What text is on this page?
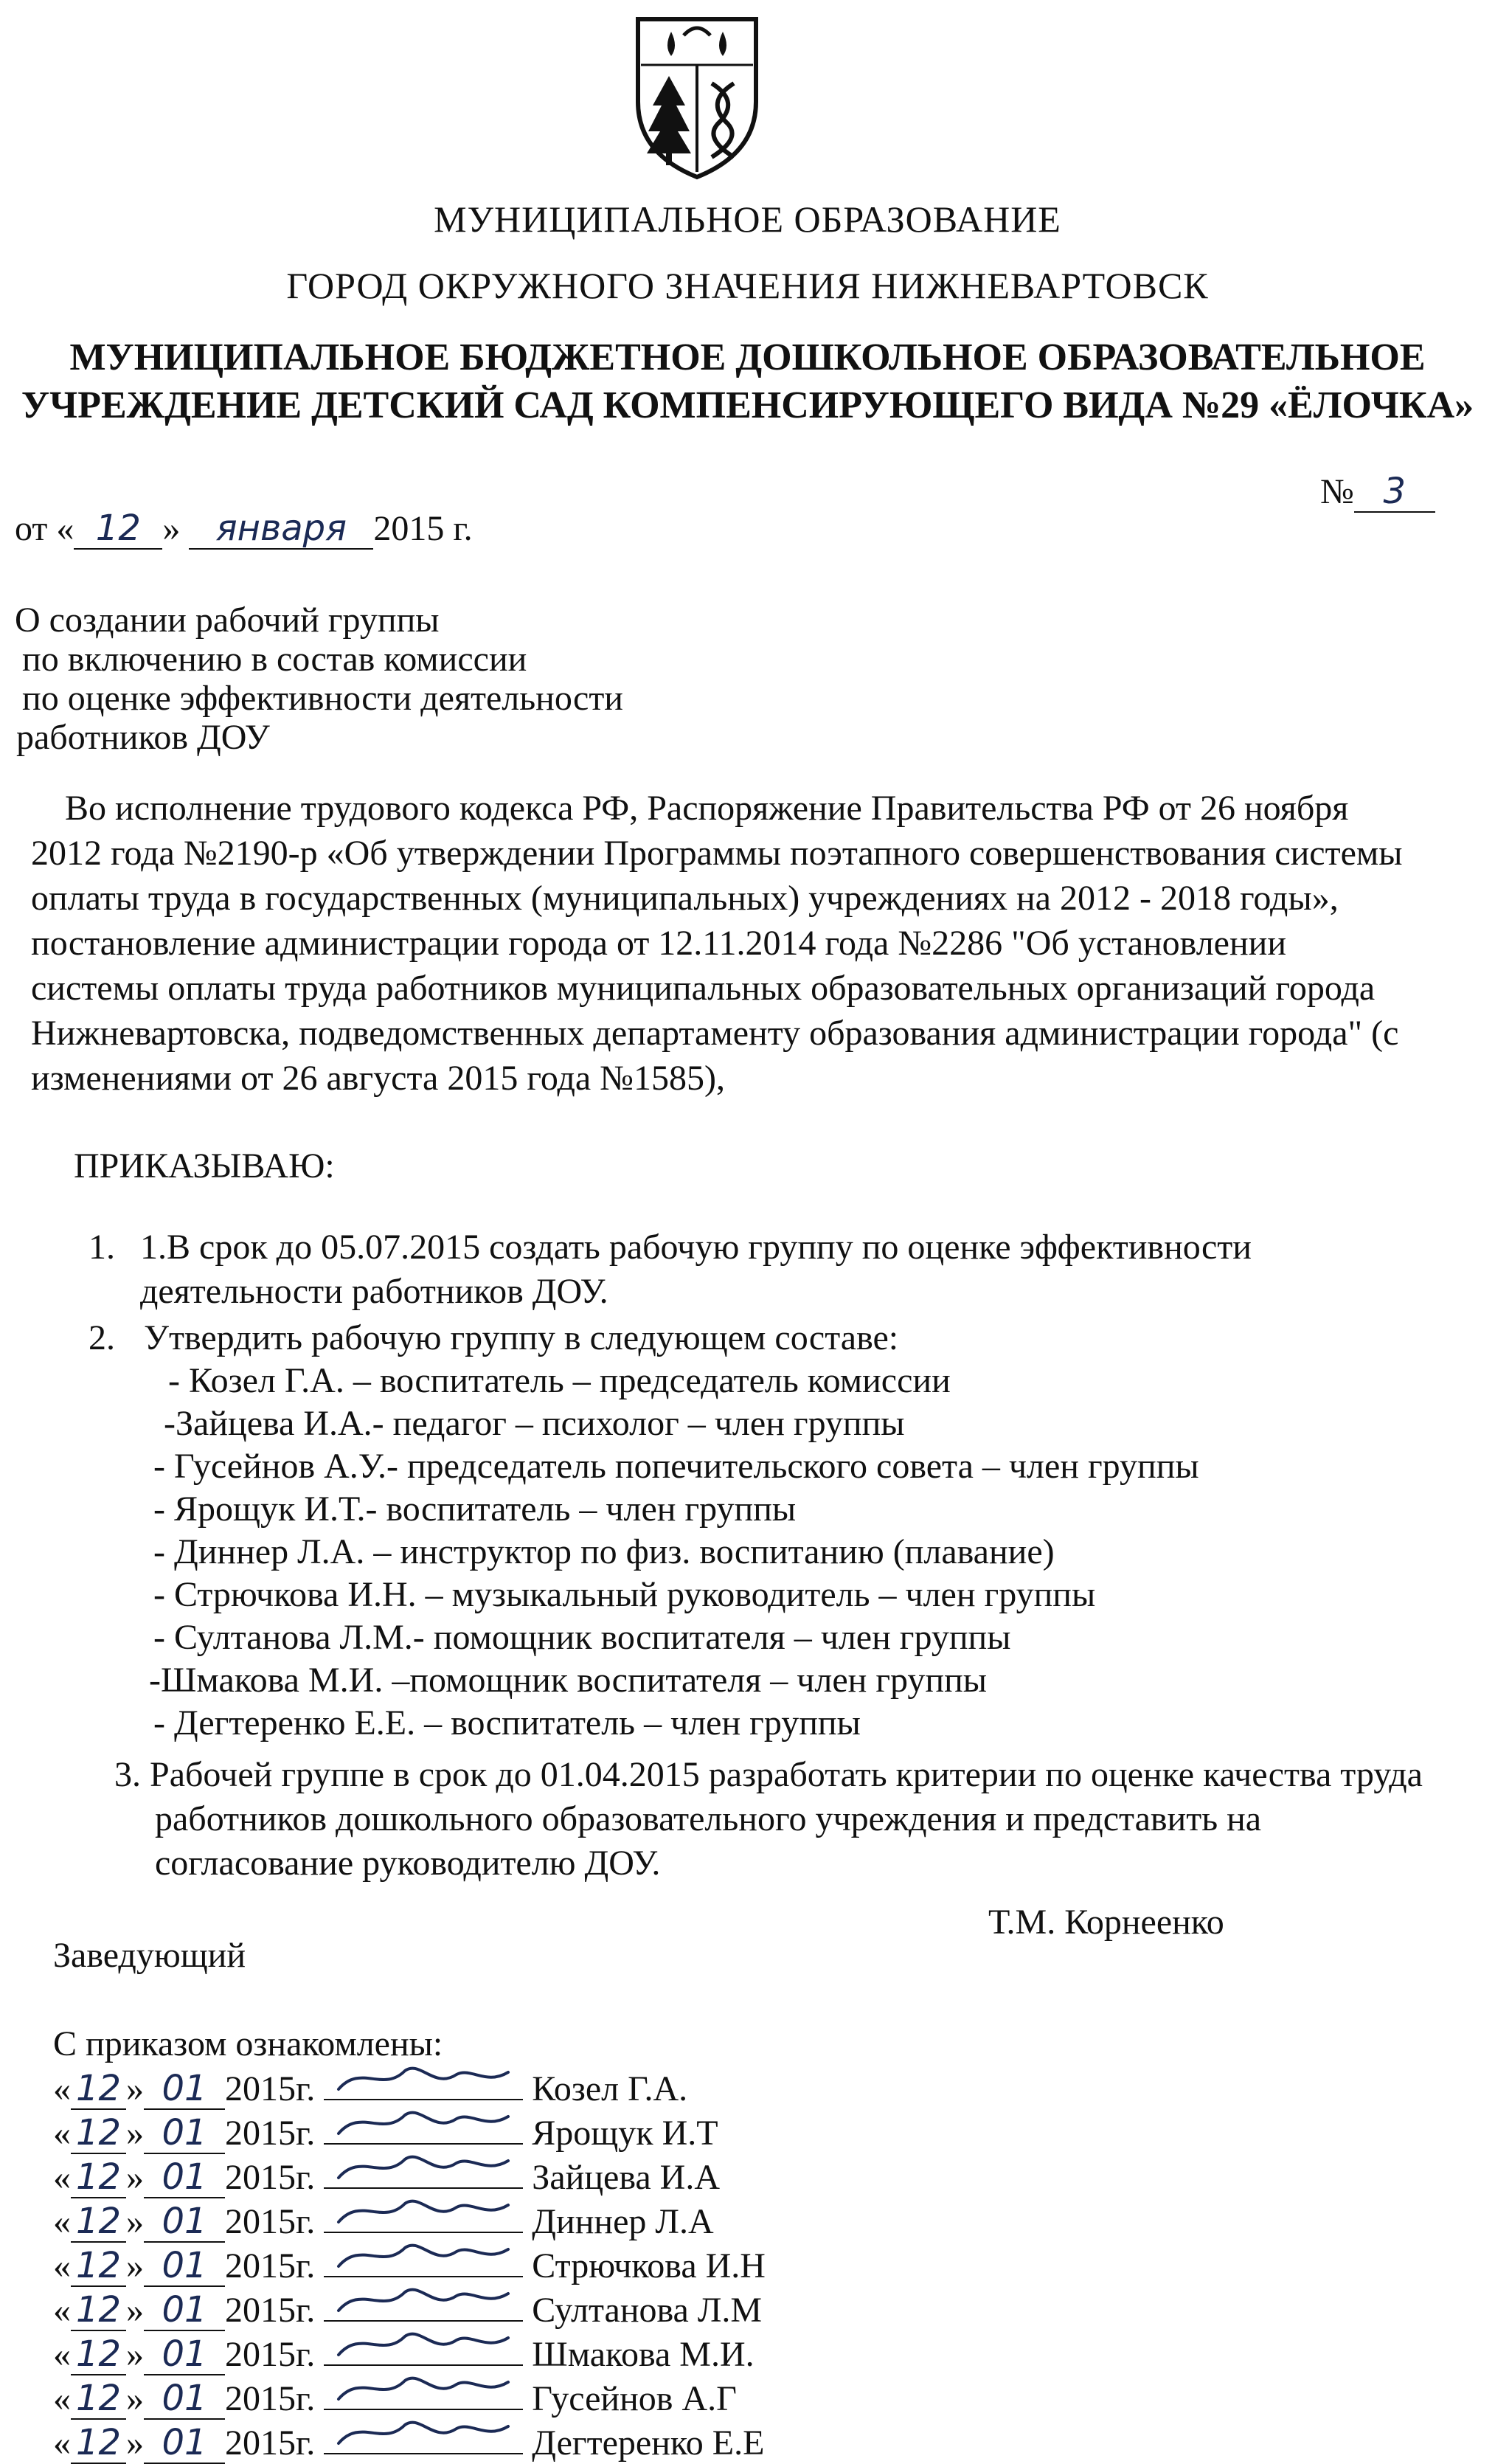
МУНИЦИПАЛЬНОЕ ОБРАЗОВАНИЕ
ГОРОД ОКРУЖНОГО ЗНАЧЕНИЯ НИЖНЕВАРТОВСК
МУНИЦИПАЛЬНОЕ БЮДЖЕТНОЕ ДОШКОЛЬНОЕ ОБРАЗОВАТЕЛЬНОЕ
УЧРЕЖДЕНИЕ ДЕТСКИЙ САД КОМПЕНСИРУЮЩЕГО ВИДА №29 «ЁЛОЧКА»
от « 12 » января 2015 г.
№ 3
О создании рабочий группы
по включению в состав комиссии
по оценке эффективности деятельности
работников ДОУ
Во исполнение трудового кодекса РФ, Распоряжение Правительства РФ от 26 ноября
2012 года №2190-р «Об утверждении Программы поэтапного совершенствования системы
оплаты труда в государственных (муниципальных) учреждениях на 2012 - 2018 годы»,
постановление администрации города от 12.11.2014 года №2286 "Об установлении
системы оплаты труда работников муниципальных образовательных организаций города
Нижневартовска, подведомственных департаменту образования администрации города" (с
изменениями от 26 августа 2015 года №1585),
ПРИКАЗЫВАЮ:
1. 1.В срок до 05.07.2015 создать рабочую группу по оценке эффективности
деятельности работников ДОУ.
2. Утвердить рабочую группу в следующем составе:
- Козел Г.А. – воспитатель – председатель комиссии
-Зайцева И.А.- педагог – психолог – член группы
- Гусейнов А.У.- председатель попечительского совета – член группы
- Ярощук И.Т.- воспитатель – член группы
- Диннер Л.А. – инструктор по физ. воспитанию (плавание)
- Стрючкова И.Н. – музыкальный руководитель – член группы
- Султанова Л.М.- помощник воспитателя – член группы
-Шмакова М.И. –помощник воспитателя – член группы
- Дегтеренко Е.Е. – воспитатель – член группы
3. Рабочей группе в срок до 01.04.2015 разработать критерии по оценке качества труда
работников дошкольного образовательного учреждения и представить на
согласование руководителю ДОУ.
Заведующий
Т.М. Корнеенко
С приказом ознакомлены:
« 12 » 01 2015г.	Козел Г.А.
« 12 » 01 2015г.	Ярощук И.Т
« 12 » 01 2015г.	Зайцева И.А
« 12 » 01 2015г.	Диннер Л.А
« 12 » 01 2015г.	Стрючкова И.Н
« 12 » 01 2015г.	Султанова Л.М
« 12 » 01 2015г.	Шмакова М.И.
« 12 » 01 2015г.	Гусейнов А.Г
« 12 » 01 2015г.	Дегтеренко Е.Е
